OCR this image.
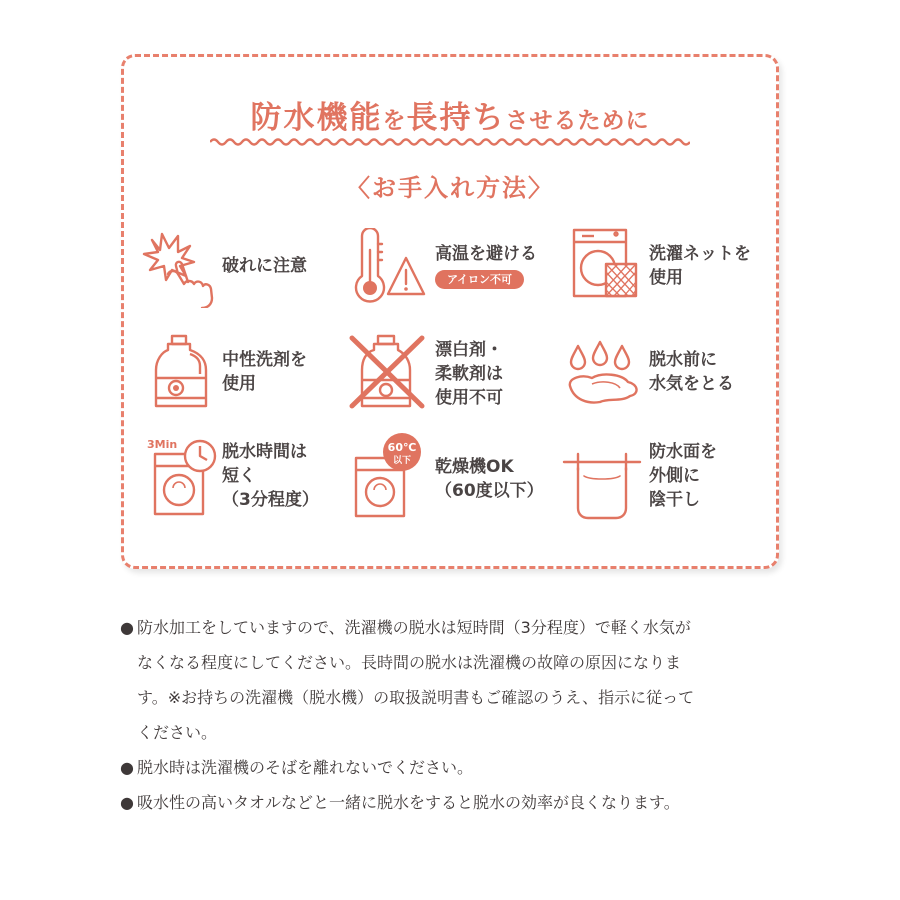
防水機能を長持ちさせるために
〈お手入れ方法〉
破れに注意
高温を避ける
アイロン不可
洗濯ネットを
使用
中性洗剤を
使用
漂白剤・
柔軟剤は
使用不可
脱水前に
水気をとる
3Min	脱水時間は
短く
（3分程度）
60℃
以下 乾燥機OK
（60度以下）
防水面を
外側に
陰干し
● 防水加工をしていますので、洗濯機の脱水は短時間（3分程度）で軽く水気が
なくなる程度にしてください。長時間の脱水は洗濯機の故障の原因になりま
す。※お持ちの洗濯機（脱水機）の取扱説明書もご確認のうえ、指示に従って
ください。
● 脱水時は洗濯機のそばを離れないでください。
● 吸水性の高いタオルなどと一緒に脱水をすると脱水の効率が良くなります。
